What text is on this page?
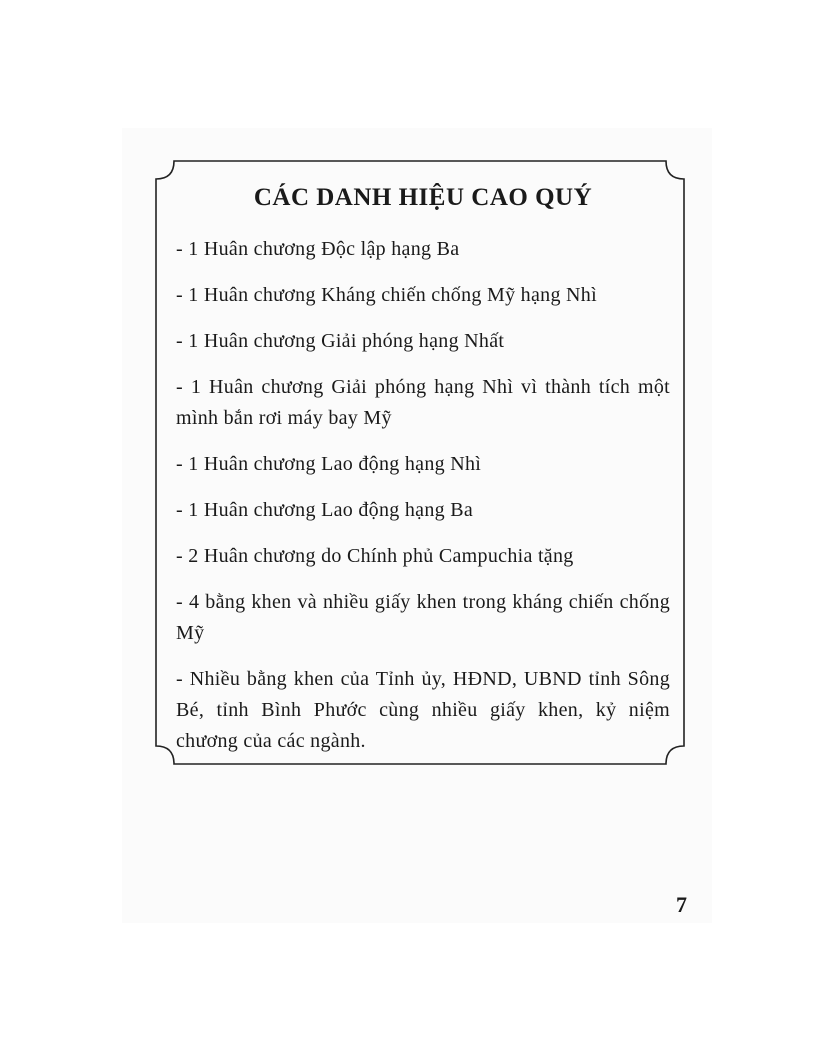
CÁC DANH HIỆU CAO QUÝ
- 1 Huân chương Độc lập hạng Ba
- 1 Huân chương Kháng chiến chống Mỹ hạng Nhì
- 1 Huân chương Giải phóng hạng Nhất
- 1 Huân chương Giải phóng hạng Nhì vì thành tích một mình bắn rơi máy bay Mỹ
- 1 Huân chương Lao động hạng Nhì
- 1 Huân chương Lao động hạng Ba
- 2 Huân chương do Chính phủ Campuchia tặng
- 4 bằng khen và nhiều giấy khen trong kháng chiến chống Mỹ
- Nhiều bằng khen của Tỉnh ủy, HĐND, UBND tỉnh Sông Bé, tỉnh Bình Phước cùng nhiều giấy khen, kỷ niệm chương của các ngành.
7
